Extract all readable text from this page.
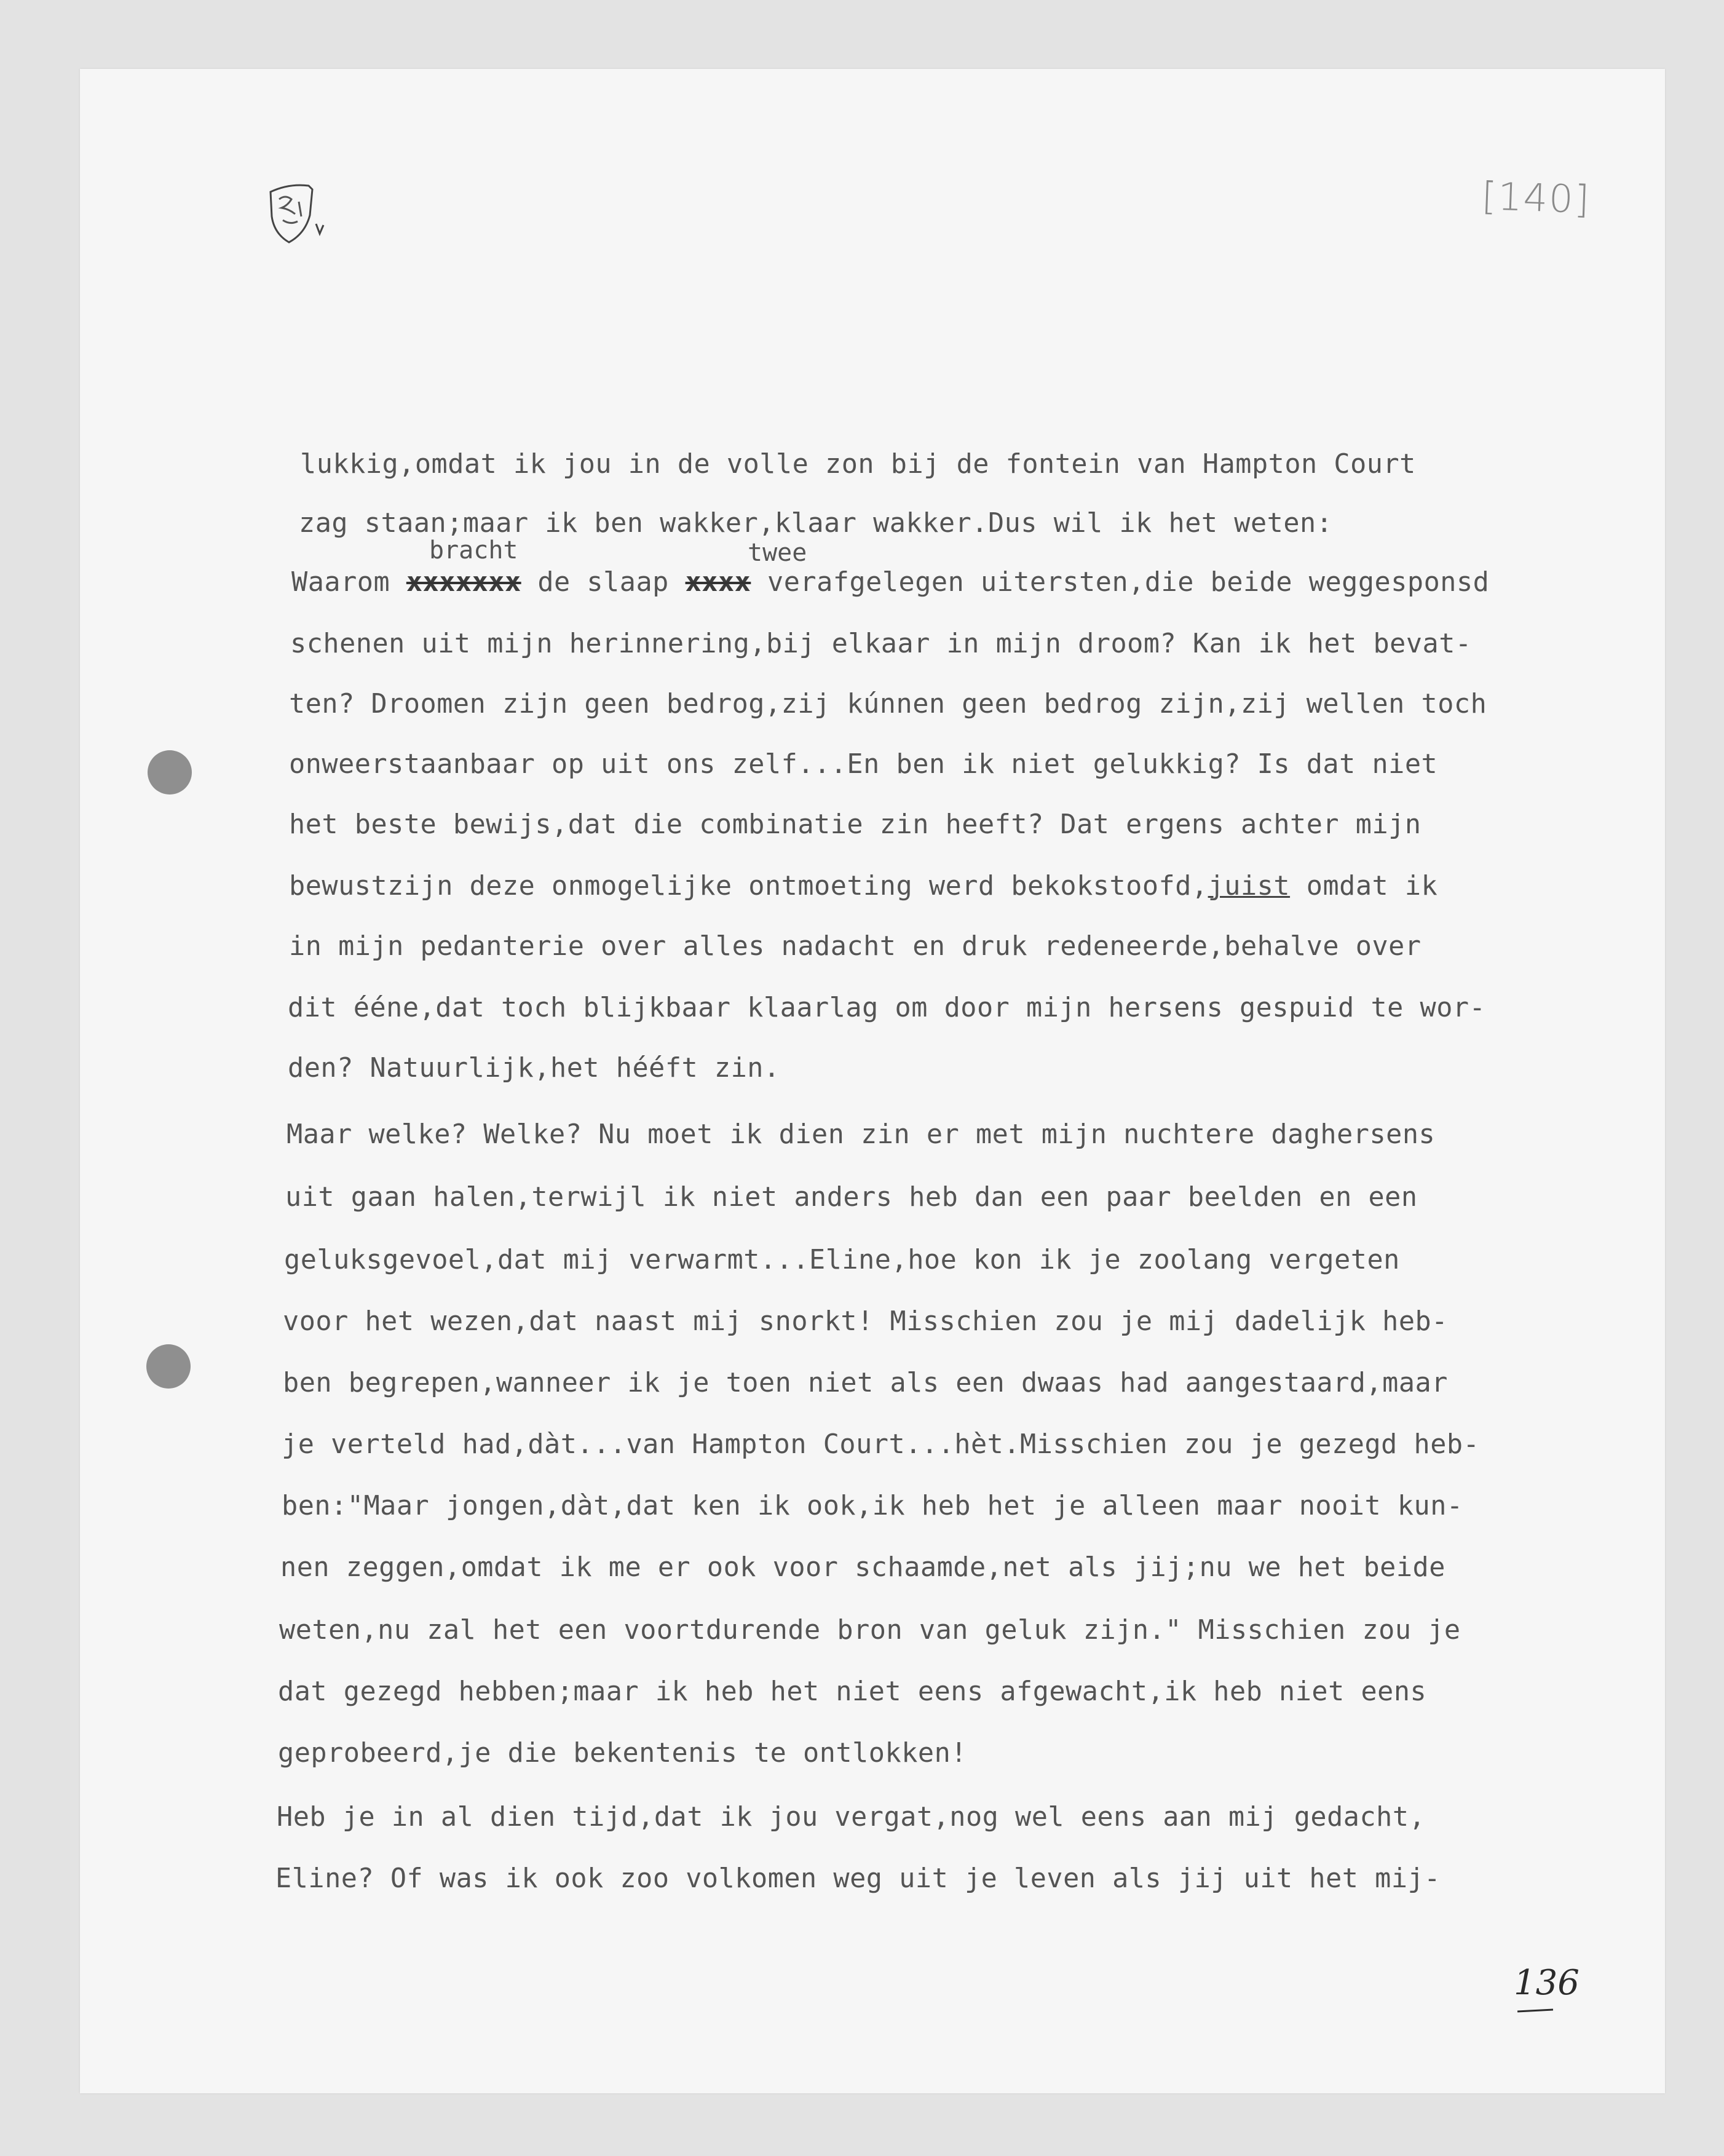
[140]
bracht	twee
lukkig,omdat ik jou in de volle zon bij de fontein van Hampton Court
zag staan;maar ik ben wakker,klaar wakker.Dus wil ik het weten:
Waarom xxxxxxx de slaap xxxx verafgelegen uitersten,die beide weggesponsd
schenen uit mijn herinnering,bij elkaar in mijn droom? Kan ik het bevat-
ten? Droomen zijn geen bedrog,zij kúnnen geen bedrog zijn,zij wellen toch
onweerstaanbaar op uit ons zelf...En ben ik niet gelukkig? Is dat niet
het beste bewijs,dat die combinatie zin heeft? Dat ergens achter mijn
bewustzijn deze onmogelijke ontmoeting werd bekokstoofd,juist omdat ik
in mijn pedanterie over alles nadacht en druk redeneerde,behalve over
dit ééne,dat toch blijkbaar klaarlag om door mijn hersens gespuid te wor-
den? Natuurlijk,het hééft zin.
Maar welke? Welke? Nu moet ik dien zin er met mijn nuchtere daghersens
uit gaan halen,terwijl ik niet anders heb dan een paar beelden en een
geluksgevoel,dat mij verwarmt...Eline,hoe kon ik je zoolang vergeten
voor het wezen,dat naast mij snorkt! Misschien zou je mij dadelijk heb-
ben begrepen,wanneer ik je toen niet als een dwaas had aangestaard,maar
je verteld had,dàt...van Hampton Court...hèt.Misschien zou je gezegd heb-
ben:"Maar jongen,dàt,dat ken ik ook,ik heb het je alleen maar nooit kun-
nen zeggen,omdat ik me er ook voor schaamde,net als jij;nu we het beide
weten,nu zal het een voortdurende bron van geluk zijn." Misschien zou je
dat gezegd hebben;maar ik heb het niet eens afgewacht,ik heb niet eens
geprobeerd,je die bekentenis te ontlokken!
Heb je in al dien tijd,dat ik jou vergat,nog wel eens aan mij gedacht,
Eline? Of was ik ook zoo volkomen weg uit je leven als jij uit het mij-
136
